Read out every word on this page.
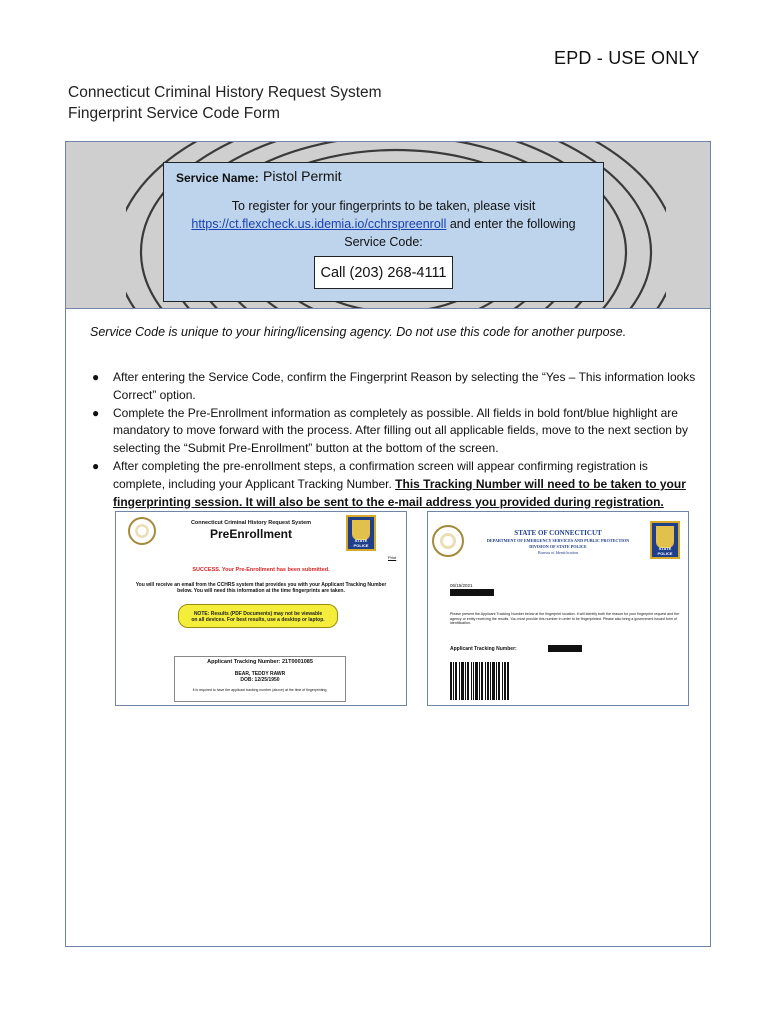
EPD - USE ONLY
Connecticut Criminal History Request System
Fingerprint Service Code Form
Service Name: Pistol Permit
To register for your fingerprints to be taken, please visit
https://ct.flexcheck.us.idemia.io/cchrspreenroll and enter the following
Service Code:
Call (203) 268-4111
Service Code is unique to your hiring/licensing agency. Do not use this code for another purpose.
● After entering the Service Code, confirm the Fingerprint Reason by selecting the “Yes – This information looks Correct” option.
● Complete the Pre-Enrollment information as completely as possible. All fields in bold font/blue highlight are mandatory to move forward with the process. After filling out all applicable fields, move to the next section by selecting the “Submit Pre-Enrollment” button at the bottom of the screen.
● After completing the pre-enrollment steps, a confirmation screen will appear confirming registration is complete, including your Applicant Tracking Number. This Tracking Number will need to be taken to your fingerprinting session. It will also be sent to the e-mail address you provided during registration.
STATE POLICE
Connecticut Criminal History Request System
PreEnrollment
Print
SUCCESS. Your Pre-Enrollment has been submitted.
You will receive an email from the CCHRS system that provides you with your Applicant Tracking Number below. You will need this information at the time fingerprints are taken.
NOTE: Results (PDF Documents) may not be viewable on all devices. For best results, use a desktop or laptop.
Applicant Tracking Number: 21T0001085
BEAR, TEDDY RAWR
DOB: 12/25/1950
It is required to have the applicant tracking number (above) at the time of fingerprinting.
STATE POLICE
STATE OF CONNECTICUT
DEPARTMENT OF EMERGENCY SERVICES AND PUBLIC PROTECTION
DIVISION OF STATE POLICE
Bureau of Identification
06/15/2021
Please present the Applicant Tracking Number below at the fingerprint location. It will identify both the reason for your fingerprint request and the agency or entity receiving the results. You must provide this number in order to be fingerprinted. Please also bring a government issued form of identification.
Applicant Tracking Number:
